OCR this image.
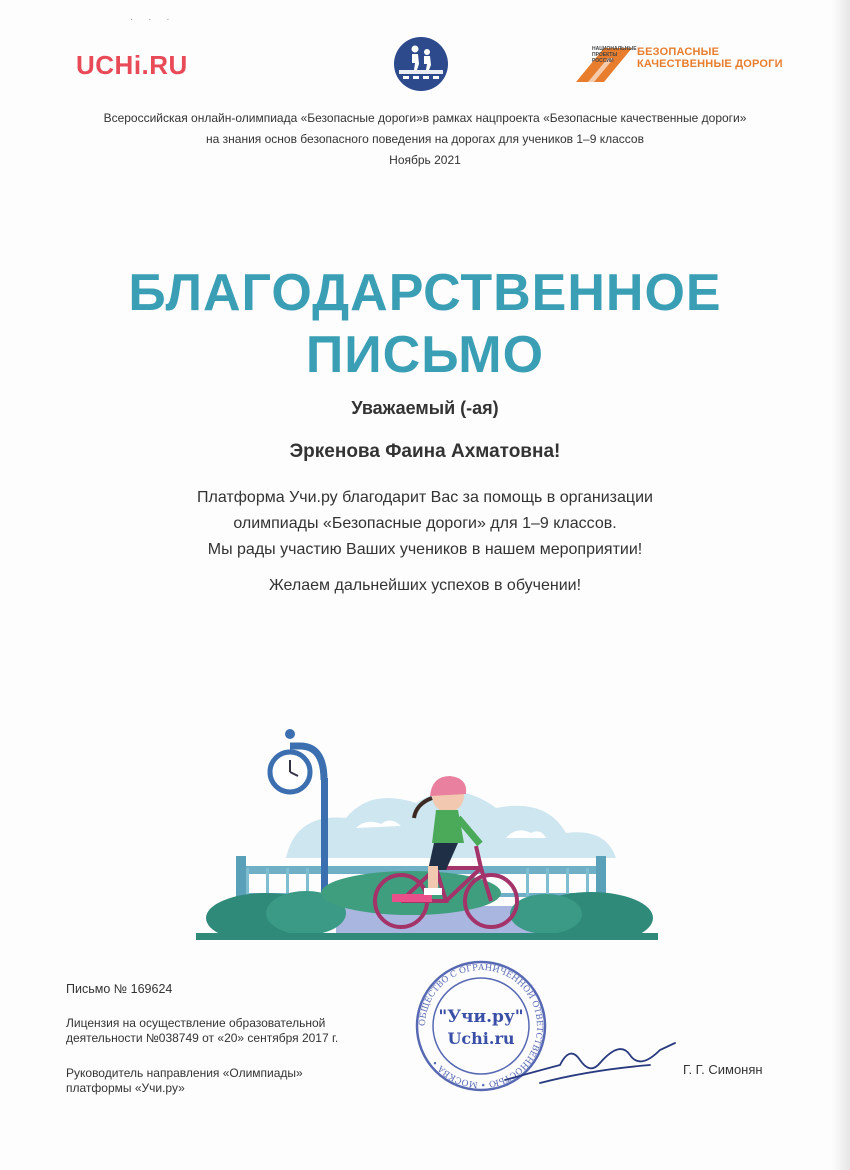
· · ·
UCHi.RU
НАЦИОНАЛЬНЫЕ ПРОЕКТЫ РОССИИ
БЕЗОПАСНЫЕ
КАЧЕСТВЕННЫЕ ДОРОГИ
Всероссийская онлайн-олимпиада «Безопасные дороги»в рамках нацпроекта «Безопасные качественные дороги»
на знания основ безопасного поведения на дорогах для учеников 1–9 классов
Ноябрь 2021
БЛАГОДАРСТВЕННОЕ
ПИСЬМО
Уважаемый (-ая)
Эркенова Фаина Ахматовна!
Платформа Учи.ру благодарит Вас за помощь в организации
олимпиады «Безопасные дороги» для 1–9 классов.
Мы рады участию Ваших учеников в нашем мероприятии!
Желаем дальнейших успехов в обучении!
Письмо № 169624
Лицензия на осуществление образовательной
деятельности №038749 от «20» сентября 2017 г.
Руководитель направления «Олимпиады»
платформы «Учи.ру»
ОБЩЕСТВО С ОГРАНИЧЕННОЙ ОТВЕТСТВЕННОСТЬЮ • МОСКВА •
"Учи.ру"
Uchi.ru
Г. Г. Симонян
